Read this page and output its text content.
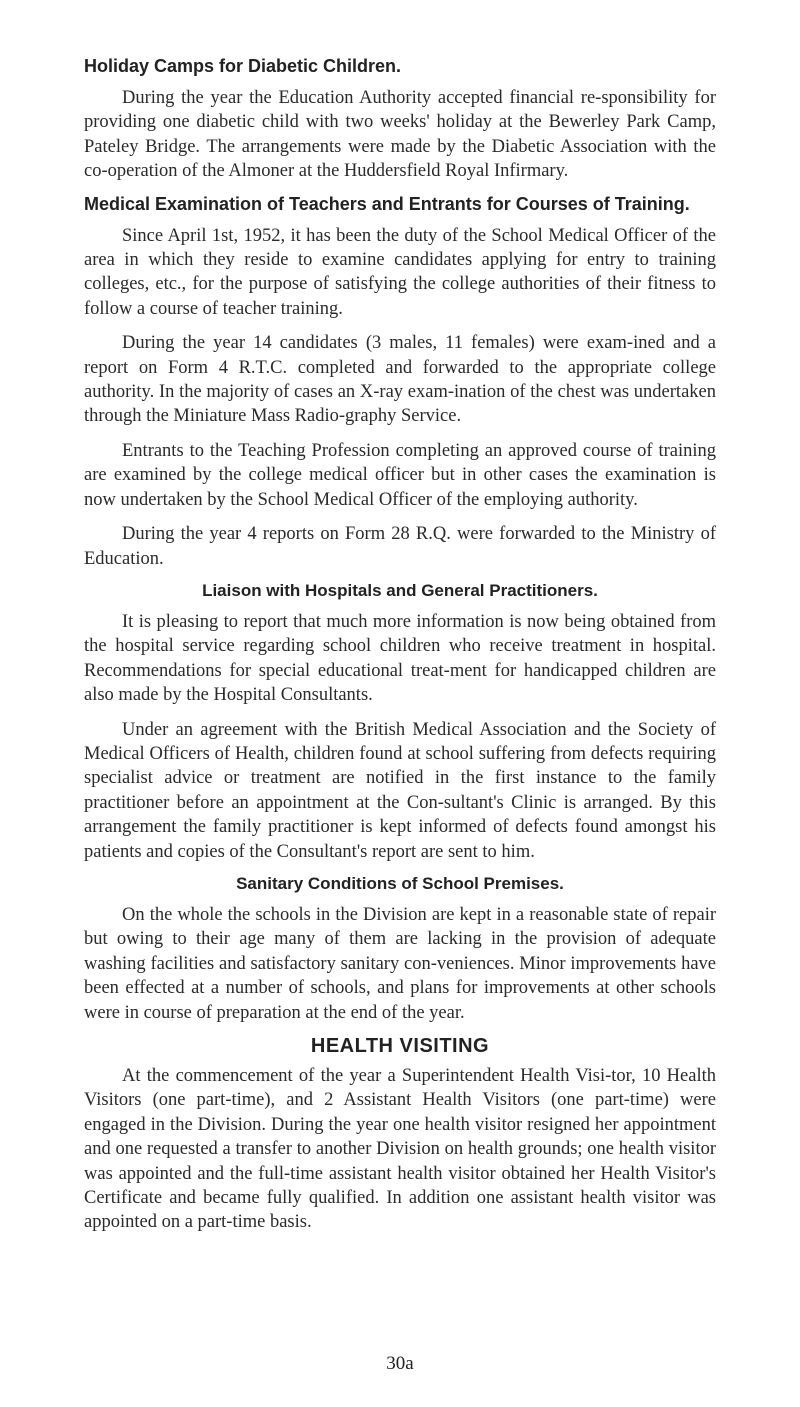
Holiday Camps for Diabetic Children.

During the year the Education Authority accepted financial re-sponsibility for providing one diabetic child with two weeks' holiday at the Bewerley Park Camp, Pateley Bridge. The arrangements were made by the Diabetic Association with the co-operation of the Almoner at the Huddersfield Royal Infirmary.

Medical Examination of Teachers and Entrants for Courses of Training.

Since April 1st, 1952, it has been the duty of the School Medical Officer of the area in which they reside to examine candidates applying for entry to training colleges, etc., for the purpose of satisfying the college authorities of their fitness to follow a course of teacher training.

During the year 14 candidates (3 males, 11 females) were exam-ined and a report on Form 4 R.T.C. completed and forwarded to the appropriate college authority. In the majority of cases an X-ray exam-ination of the chest was undertaken through the Miniature Mass Radio-graphy Service.

Entrants to the Teaching Profession completing an approved course of training are examined by the college medical officer but in other cases the examination is now undertaken by the School Medical Officer of the employing authority.

During the year 4 reports on Form 28 R.Q. were forwarded to the Ministry of Education.

Liaison with Hospitals and General Practitioners.

It is pleasing to report that much more information is now being obtained from the hospital service regarding school children who receive treatment in hospital. Recommendations for special educational treat-ment for handicapped children are also made by the Hospital Consultants.

Under an agreement with the British Medical Association and the Society of Medical Officers of Health, children found at school suffering from defects requiring specialist advice or treatment are notified in the first instance to the family practitioner before an appointment at the Con-sultant's Clinic is arranged. By this arrangement the family practitioner is kept informed of defects found amongst his patients and copies of the Consultant's report are sent to him.

Sanitary Conditions of School Premises.

On the whole the schools in the Division are kept in a reasonable state of repair but owing to their age many of them are lacking in the provision of adequate washing facilities and satisfactory sanitary con-veniences. Minor improvements have been effected at a number of schools, and plans for improvements at other schools were in course of preparation at the end of the year.

HEALTH VISITING

At the commencement of the year a Superintendent Health Visi-tor, 10 Health Visitors (one part-time), and 2 Assistant Health Visitors (one part-time) were engaged in the Division. During the year one health visitor resigned her appointment and one requested a transfer to another Division on health grounds; one health visitor was appointed and the full-time assistant health visitor obtained her Health Visitor's Certificate and became fully qualified. In addition one assistant health visitor was appointed on a part-time basis.

30a
